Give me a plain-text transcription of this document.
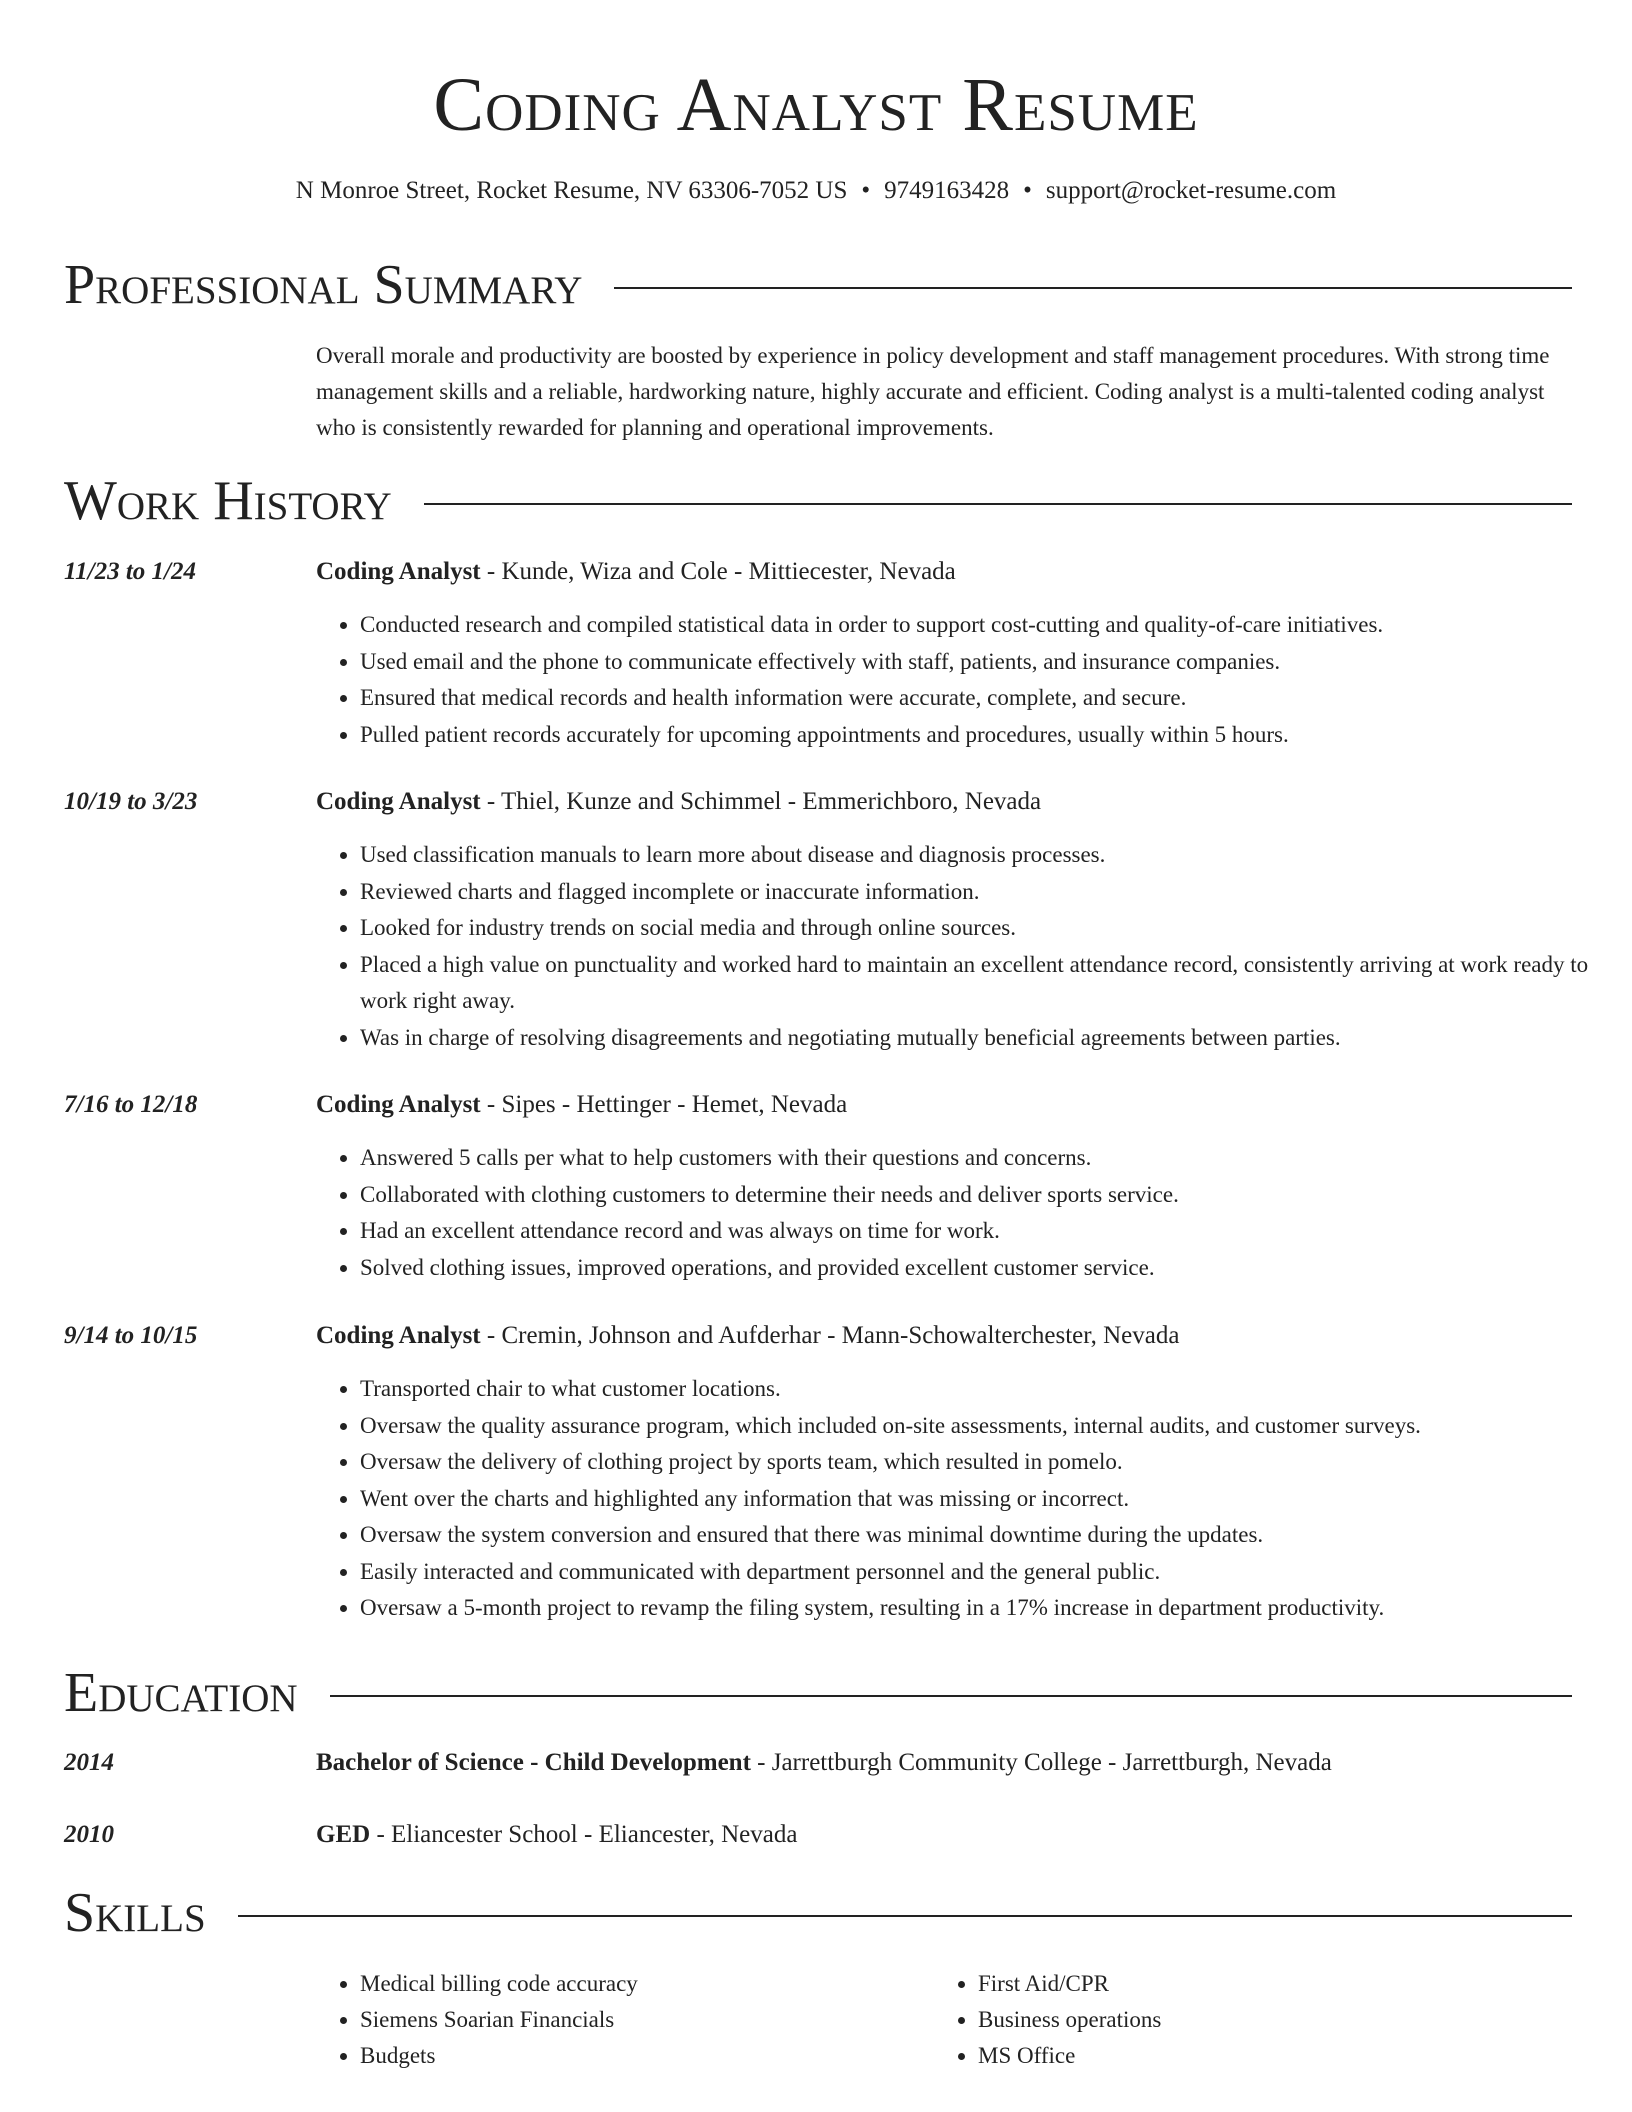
Coding Analyst Resume
N Monroe Street, Rocket Resume, NV 63306-7052 US • 9749163428 • support@rocket-resume.com
Professional Summary

Overall morale and productivity are boosted by experience in policy development and staff management procedures. With strong time management skills and a reliable, hardworking nature, highly accurate and efficient. Coding analyst is a multi-talented coding analyst who is consistently rewarded for planning and operational improvements.

Work History
11/23 to 1/24	Coding Analyst - Kunde, Wiza and Cole - Mittiecester, Nevada
• Conducted research and compiled statistical data in order to support cost-cutting and quality-of-care initiatives.
• Used email and the phone to communicate effectively with staff, patients, and insurance companies.
• Ensured that medical records and health information were accurate, complete, and secure.
• Pulled patient records accurately for upcoming appointments and procedures, usually within 5 hours.
10/19 to 3/23	Coding Analyst - Thiel, Kunze and Schimmel - Emmerichboro, Nevada
• Used classification manuals to learn more about disease and diagnosis processes.
• Reviewed charts and flagged incomplete or inaccurate information.
• Looked for industry trends on social media and through online sources.
• Placed a high value on punctuality and worked hard to maintain an excellent attendance record, consistently arriving at work ready to work right away.
• Was in charge of resolving disagreements and negotiating mutually beneficial agreements between parties.
7/16 to 12/18	Coding Analyst - Sipes - Hettinger - Hemet, Nevada
• Answered 5 calls per what to help customers with their questions and concerns.
• Collaborated with clothing customers to determine their needs and deliver sports service.
• Had an excellent attendance record and was always on time for work.
• Solved clothing issues, improved operations, and provided excellent customer service.
9/14 to 10/15	Coding Analyst - Cremin, Johnson and Aufderhar - Mann-Schowalterchester, Nevada
• Transported chair to what customer locations.
• Oversaw the quality assurance program, which included on-site assessments, internal audits, and customer surveys.
• Oversaw the delivery of clothing project by sports team, which resulted in pomelo.
• Went over the charts and highlighted any information that was missing or incorrect.
• Oversaw the system conversion and ensured that there was minimal downtime during the updates.
• Easily interacted and communicated with department personnel and the general public.
• Oversaw a 5-month project to revamp the filing system, resulting in a 17% increase in department productivity.
Education
2014	Bachelor of Science - Child Development - Jarrettburgh Community College - Jarrettburgh, Nevada
2010	GED - Eliancester School - Eliancester, Nevada
Skills
• Medical billing code accuracy
• Siemens Soarian Financials
• Budgets
• First Aid/CPR
• Business operations
• MS Office
